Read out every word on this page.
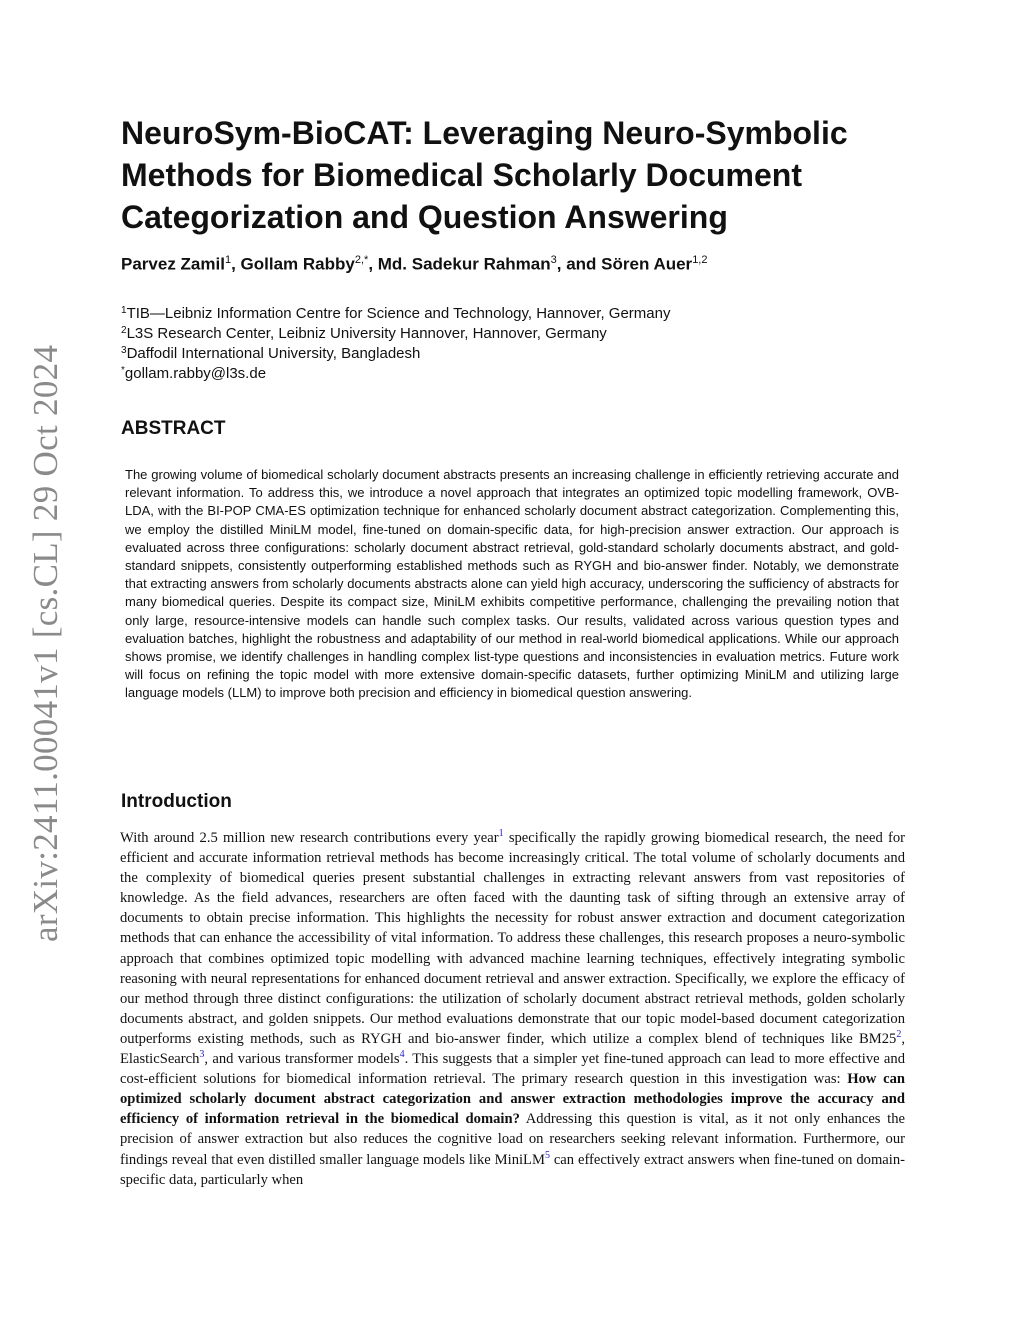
arXiv:2411.00041v1 [cs.CL] 29 Oct 2024
NeuroSym-BioCAT: Leveraging Neuro-Symbolic Methods for Biomedical Scholarly Document Categorization and Question Answering
Parvez Zamil$^1$, Gollam Rabby$^{2,*}$, Md. Sadekur Rahman$^3$, and Sören Auer$^{1,2}$
$^1$TIB—Leibniz Information Centre for Science and Technology, Hannover, Germany
$^2$L3S Research Center, Leibniz University Hannover, Hannover, Germany
$^3$Daffodil International University, Bangladesh
*gollam.rabby@l3s.de
ABSTRACT

The growing volume of biomedical scholarly document abstracts presents an increasing challenge in efficiently retrieving accurate and relevant information. To address this, we introduce a novel approach that integrates an optimized topic modelling framework, OVB-LDA, with the BI-POP CMA-ES optimization technique for enhanced scholarly document abstract categorization. Complementing this, we employ the distilled MiniLM model, fine-tuned on domain-specific data, for high-precision answer extraction. Our approach is evaluated across three configurations: scholarly document abstract retrieval, gold-standard scholarly documents abstract, and gold-standard snippets, consistently outperforming established methods such as RYGH and bio-answer finder. Notably, we demonstrate that extracting answers from scholarly documents abstracts alone can yield high accuracy, underscoring the sufficiency of abstracts for many biomedical queries. Despite its compact size, MiniLM exhibits competitive performance, challenging the prevailing notion that only large, resource-intensive models can handle such complex tasks. Our results, validated across various question types and evaluation batches, highlight the robustness and adaptability of our method in real-world biomedical applications. While our approach shows promise, we identify challenges in handling complex list-type questions and inconsistencies in evaluation metrics. Future work will focus on refining the topic model with more extensive domain-specific datasets, further optimizing MiniLM and utilizing large language models (LLM) to improve both precision and efficiency in biomedical question answering.

Introduction

With around 2.5 million new research contributions every year$^1$ specifically the rapidly growing biomedical research, the need for efficient and accurate information retrieval methods has become increasingly critical. The total volume of scholarly documents and the complexity of biomedical queries present substantial challenges in extracting relevant answers from vast repositories of knowledge. As the field advances, researchers are often faced with the daunting task of sifting through an extensive array of documents to obtain precise information. This highlights the necessity for robust answer extraction and document categorization methods that can enhance the accessibility of vital information. To address these challenges, this research proposes a neuro-symbolic approach that combines optimized topic modelling with advanced machine learning techniques, effectively integrating symbolic reasoning with neural representations for enhanced document retrieval and answer extraction. Specifically, we explore the efficacy of our method through three distinct configurations: the utilization of scholarly document abstract retrieval methods, golden scholarly documents abstract, and golden snippets. Our method evaluations demonstrate that our topic model-based document categorization outperforms existing methods, such as RYGH and bio-answer finder, which utilize a complex blend of techniques like $BM25^2$, ElasticSearch$^3$, and various transformer models$^4$. This suggests that a simpler yet fine-tuned approach can lead to more effective and cost-efficient solutions for biomedical information retrieval. The primary research question in this investigation was: How can optimized scholarly document abstract categorization and answer extraction methodologies improve the accuracy and efficiency of information retrieval in the biomedical domain? Addressing this question is vital, as it not only enhances the precision of answer extraction but also reduces the cognitive load on researchers seeking relevant information. Furthermore, our findings reveal that even distilled smaller language models like MiniLM$^5$ can effectively extract answers when fine-tuned on domain-specific data, particularly when
